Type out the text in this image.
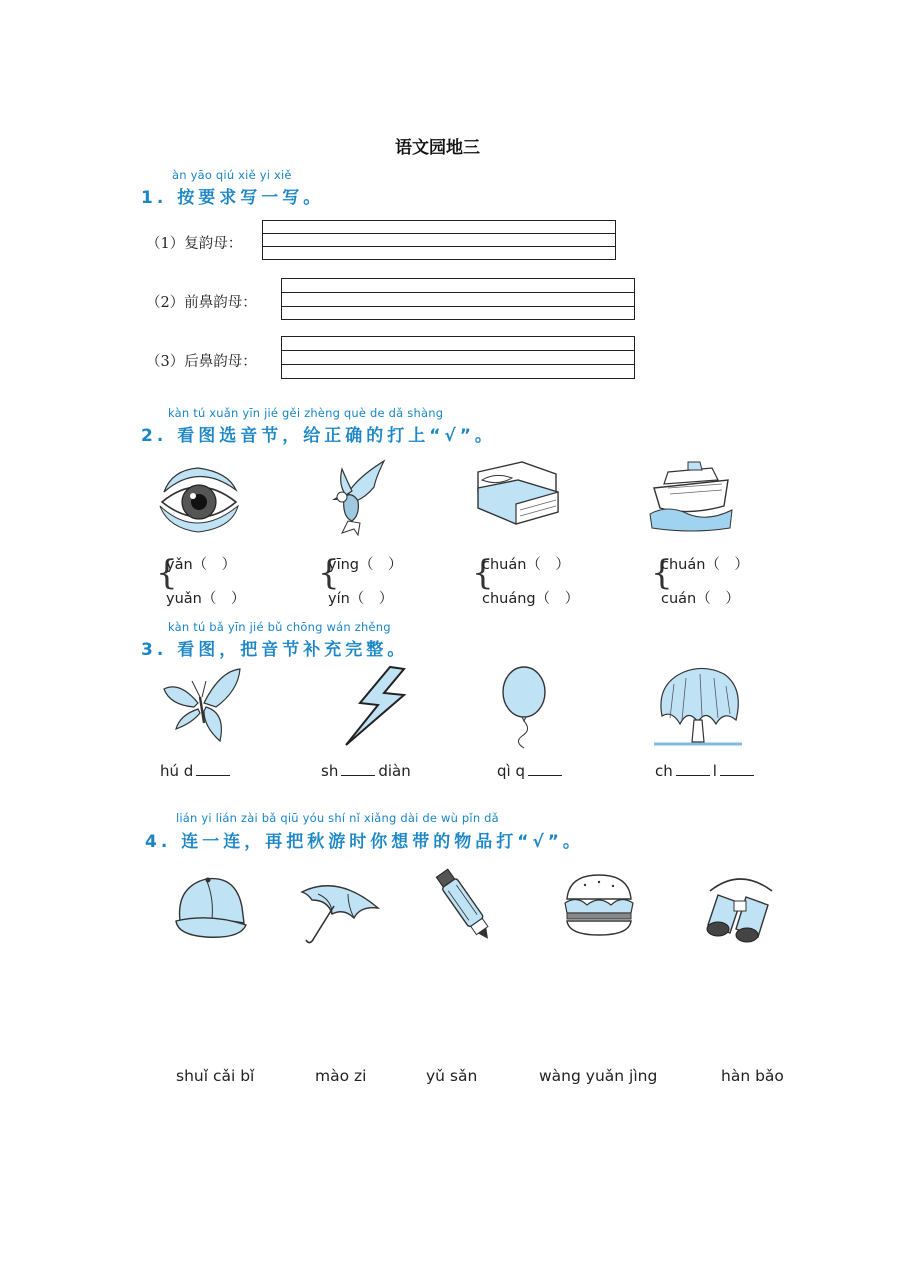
语文园地三
àn yāo qiú xiě yi xiě
1. 按要求写一写。
（1）复韵母：
（2）前鼻韵母：
（3）后鼻韵母：
kàn tú xuǎn yīn jié gěi zhèng què de dǎ shàng
2. 看图选音节，给正确的打上“√”。
{
yǎn（　）
yuǎn（　）
{
yīng（　）
yín（　）
{
chuán（　）
chuáng（　）
{
chuán（　）
cuán（　）
kàn tú bǎ yīn jié bǔ chōng wán zhěng
3. 看图，把音节补充完整。
hú d	sh	diàn	qì q	ch	l
lián yi lián zài bǎ qiū yóu shí nǐ xiǎng dài de wù pǐn dǎ
4. 连一连，再把秋游时你想带的物品打“√”。
shuǐ cǎi bǐ	mào zi	yǔ sǎn	wàng yuǎn jìng	hàn bǎo
